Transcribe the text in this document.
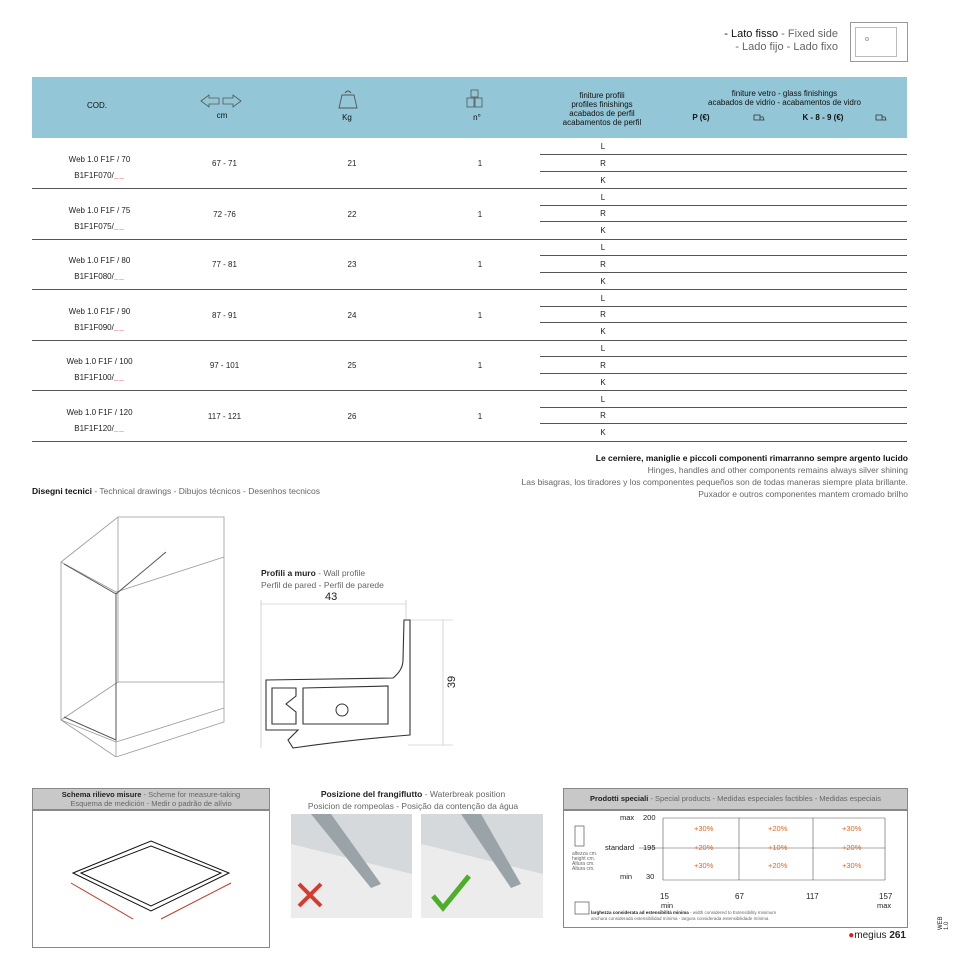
- Lato fisso - Fixed side
- Lado fijo - Lado fixo
COD.
cm	Kg	n°
finiture profili
profiles finishings
acabados de perfil
acabamentos de perfil
finiture vetro - glass finishings
acabados de vidrio - acabamentos de vidro
P (€)	K - 8 - 9 (€)
Web 1.0 F1F / 70
B1F1F070/__
67 - 71	21	1
L
R
K
Web 1.0 F1F / 75
B1F1F075/__
72 -76	22	1
L
R
K
Web 1.0 F1F / 80
B1F1F080/__
77 - 81	23	1
L
R
K
Web 1.0 F1F / 90
B1F1F090/__
87 - 91	24	1
L
R
K
Web 1.0 F1F / 100
B1F1F100/__
97 - 101	25	1
L
R
K
Web 1.0 F1F / 120
B1F1F120/__
117 - 121	26	1
L
R
K
Le cerniere, maniglie e piccoli componenti rimarranno sempre argento lucido
Hinges, handles and other components remains always silver shining
Las bisagras, los tiradores y los componentes pequeños son de todas maneras siempre plata brillante.
Puxador e outros componentes mantem cromado brilho
Disegni tecnici - Technical drawings - Dibujos técnicos - Desenhos tecnicos
Profili a muro - Wall profile
Perfil de pared - Perfil de parede
43
39
Schema rilievo misure - Scheme for measure-taking
Esquema de medición - Medir o padrão de alívio
Posizione del frangiflutto - Waterbreak position
Posicion de rompeolas - Posição da contenção da água
Prodotti speciali - Special products - Medidas especiales factibles - Medidas especiais
max 200
standard 195
min 30
altezza cm.
height cm.
Altura cm.
Altura cm.
+30%	+20%	+30%
+20%	+10%	+20%
+30%	+20%	+30%
15	67	117	157
min	max
larghezza considerata ad estensibilità minima - width considered to Extensibility minimum
anchura considerada extensibilidad mínima - largura considerada extensibilidade mínima
●megius 261
WEB 1.0
